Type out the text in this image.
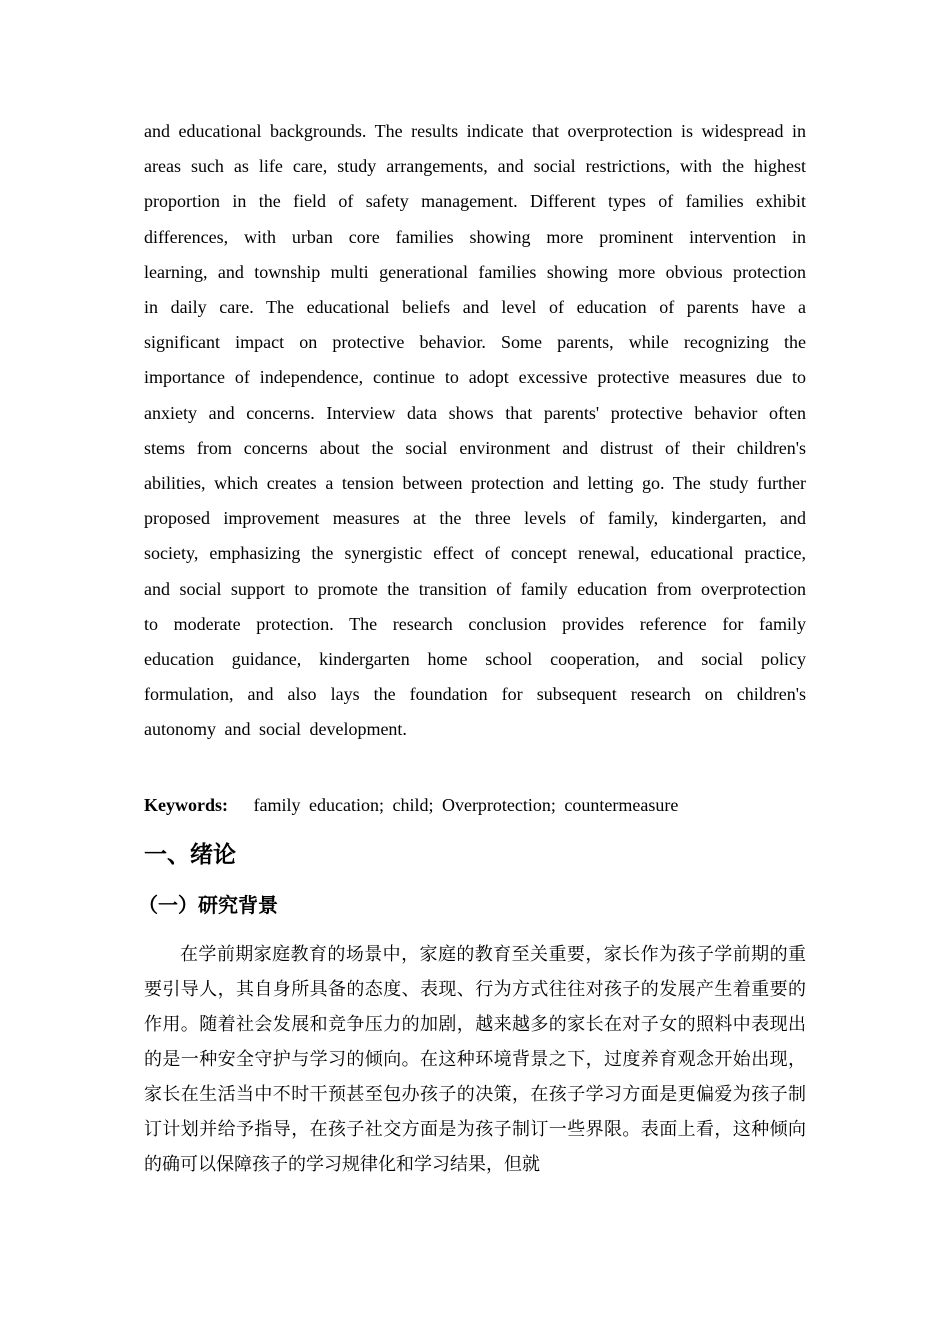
and educational backgrounds. The results indicate that overprotection is widespread in areas such as life care, study arrangements, and social restrictions, with the highest proportion in the field of safety management. Different types of families exhibit differences, with urban core families showing more prominent intervention in learning, and township multi generational families showing more obvious protection in daily care. The educational beliefs and level of education of parents have a significant impact on protective behavior. Some parents, while recognizing the importance of independence, continue to adopt excessive protective measures due to anxiety and concerns. Interview data shows that parents' protective behavior often stems from concerns about the social environment and distrust of their children's abilities, which creates a tension between protection and letting go. The study further proposed improvement measures at the three levels of family, kindergarten, and society, emphasizing the synergistic effect of concept renewal, educational practice, and social support to promote the transition of family education from overprotection to moderate protection. The research conclusion provides reference for family education guidance, kindergarten home school cooperation, and social policy formulation, and also lays the foundation for subsequent research on children's autonomy and social development.

Keywords: family education; child; Overprotection; countermeasure

一、绪论
（一）研究背景

在学前期家庭教育的场景中，家庭的教育至关重要，家长作为孩子学前期的重要引导人，其自身所具备的态度、表现、行为方式往往对孩子的发展产生着重要的作用。随着社会发展和竞争压力的加剧，越来越多的家长在对子女的照料中表现出的是一种安全守护与学习的倾向。在这种环境背景之下，过度养育观念开始出现，家长在生活当中不时干预甚至包办孩子的决策，在孩子学习方面是更偏爱为孩子制订计划并给予指导，在孩子社交方面是为孩子制订一些界限。表面上看，这种倾向的确可以保障孩子的学习规律化和学习结果，但就
